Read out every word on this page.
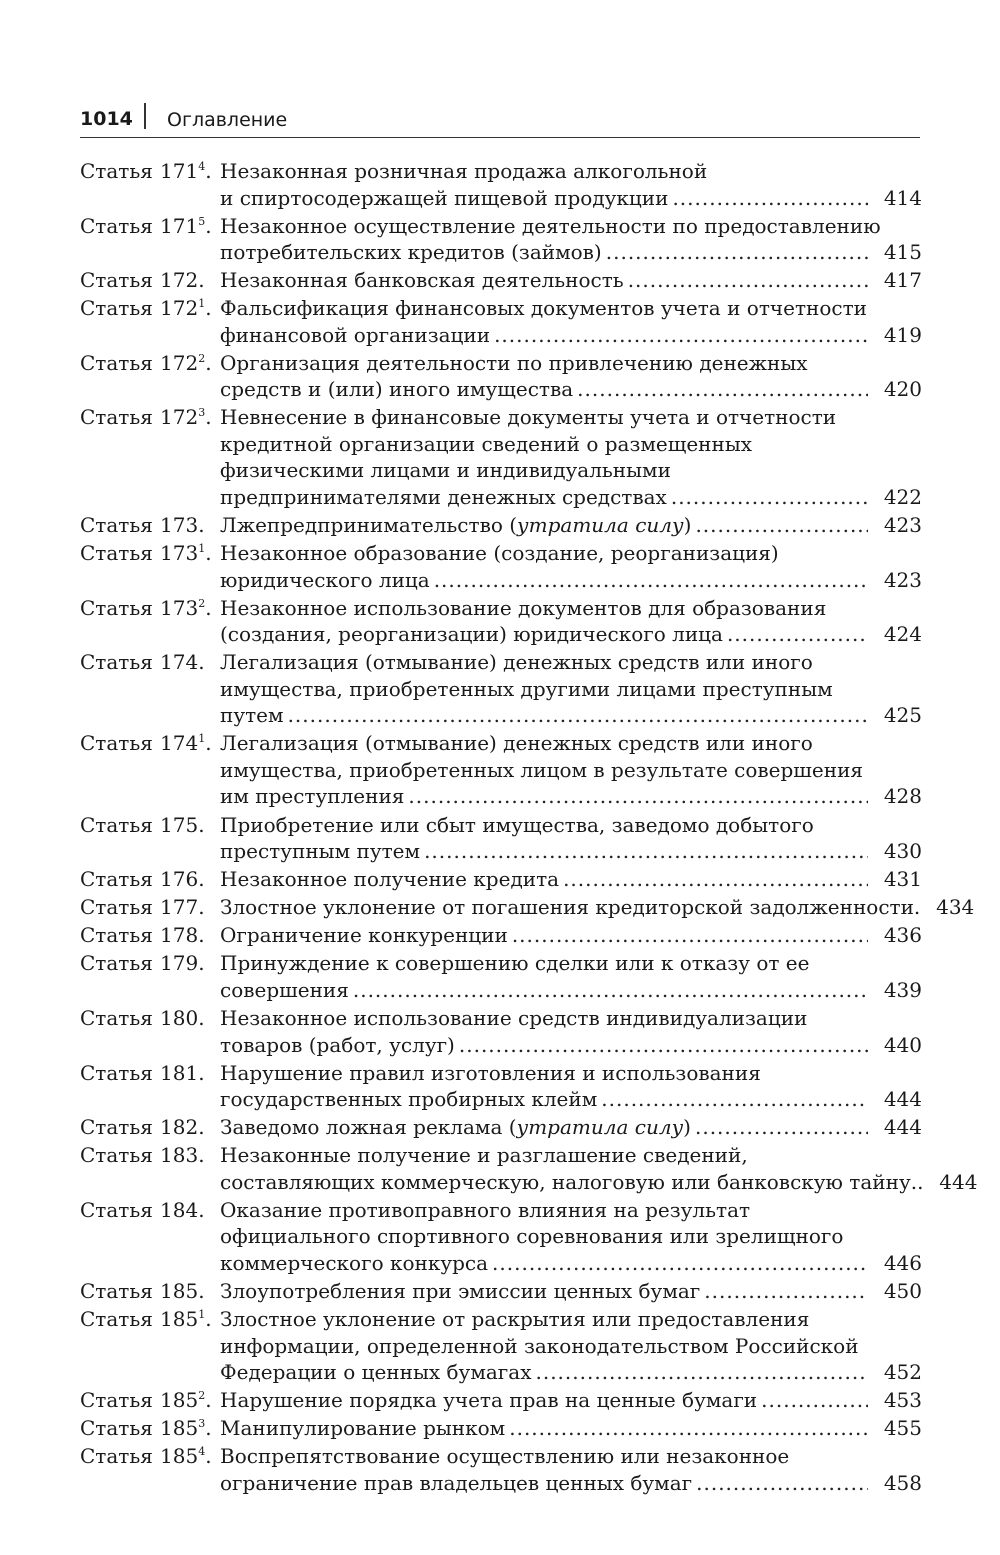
1014 Оглавление
Статья $171^4$. Незаконная розничная продажа алкогольной
и спиртосодержащей пищевой продукции .....	414
Статья $171^5$. Незаконное осуществление деятельности по предоставлению
потребительских кредитов (займов) .....	415
Статья 172. Незаконная банковская деятельность .....	417
Статья $172^1$. Фальсификация финансовых документов учета и отчетности
финансовой организации .....	419
Статья $172^2$. Организация деятельности по привлечению денежных
средств и (или) иного имущества .....	420
Статья $172^3$. Невнесение в финансовые документы учета и отчетности
кредитной организации сведений о размещенных
физическими лицами и индивидуальными
предпринимателями денежных средствах .....	422
Статья 173. Лжепредпринимательство (утратила силу) .....	423
Статья $173^1$. Незаконное образование (создание, реорганизация)
юридического лица .....	423
Статья $173^2$. Незаконное использование документов для образования
(создания, реорганизации) юридического лица .....	424
Статья 174. Легализация (отмывание) денежных средств или иного
имущества, приобретенных другими лицами преступным
путем .....	425
Статья $174^1$. Легализация (отмывание) денежных средств или иного
имущества, приобретенных лицом в результате совершения
им преступления .....	428
Статья 175. Приобретение или сбыт имущества, заведомо добытого
преступным путем .....	430
Статья 176. Незаконное получение кредита .....	431
Статья 177. Злостное уклонение от погашения кредиторской задолженности. 434
Статья 178. Ограничение конкуренции .....	436
Статья 179. Принуждение к совершению сделки или к отказу от ее
совершения .....	439
Статья 180. Незаконное использование средств индивидуализации
товаров (работ, услуг) .....	440
Статья 181. Нарушение правил изготовления и использования
государственных пробирных клейм .....	444
Статья 182. Заведомо ложная реклама (утратила силу) .....	444
Статья 183. Незаконные получение и разглашение сведений,
составляющих коммерческую, налоговую или банковскую тайну.. 444
Статья 184. Оказание противоправного влияния на результат
официального спортивного соревнования или зрелищного
коммерческого конкурса .....	446
Статья 185. Злоупотребления при эмиссии ценных бумаг .....	450
Статья $185^1$. Злостное уклонение от раскрытия или предоставления
информации, определенной законодательством Российской
Федерации о ценных бумагах .....	452
Статья $185^2$. Нарушение порядка учета прав на ценные бумаги .....	453
Статья $185^3$. Манипулирование рынком .....	455
Статья $185^4$. Воспрепятствование осуществлению или незаконное
ограничение прав владельцев ценных бумаг .....	458
